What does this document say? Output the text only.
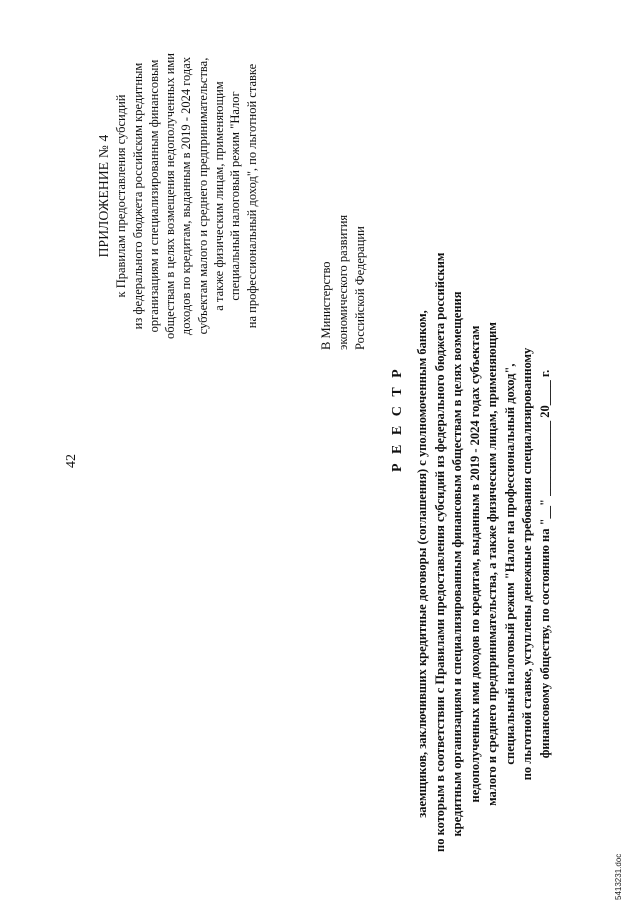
42
ПРИЛОЖЕНИЕ № 4 к Правилам предоставления субсидий из федерального бюджета российским кредитным организациям и специализированным финансовым обществам в целях возмещения недополученных ими доходов по кредитам, выданным в 2019 - 2024 годах субъектам малого и среднего предпринимательства, а также физическим лицам, применяющим специальный налоговый режим "Налог на профессиональный доход", по льготной ставке	В Министерство экономического развития Российской Федерации
Р Е Е С Т Р заемщиков, заключивших кредитные договоры (соглашения) с уполномоченным банком, по которым в соответствии с Правилами предоставления субсидий из федерального бюджета российским кредитным организациям и специализированным финансовым обществам в целях возмещения недополученных ими доходов по кредитам, выданным в 2019 - 2024 годах субъектам малого и среднего предпринимательства, а также физическим лицам, применяющим специальный налоговый режим "Налог на профессиональный доход", по льготной ставке, уступлены денежные требования специализированному финансовому обществу, по состоянию на "__" ____________ 20____ г.
5413231.doc
